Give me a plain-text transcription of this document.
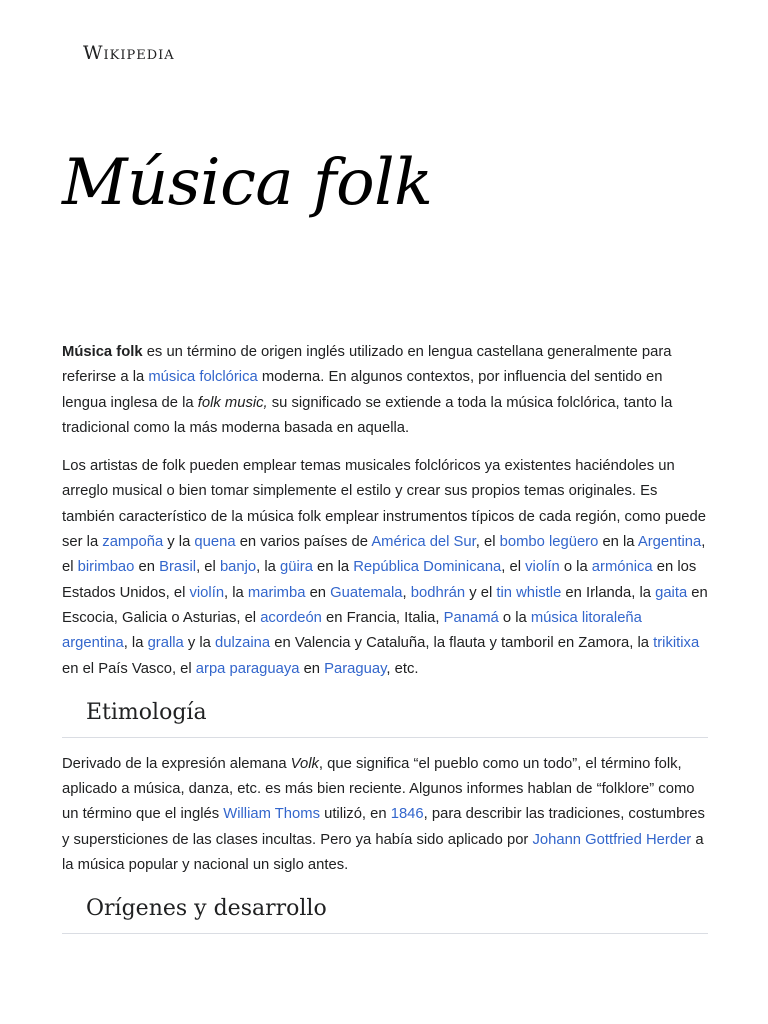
Wikipedia
Música folk

Música folk es un término de origen inglés utilizado en lengua castellana generalmente para referirse a la música folclórica moderna. En algunos contextos, por influencia del sentido en lengua inglesa de la folk music, su significado se extiende a toda la música folclórica, tanto la tradicional como la más moderna basada en aquella.

Los artistas de folk pueden emplear temas musicales folclóricos ya existentes haciéndoles un arreglo musical o bien tomar simplemente el estilo y crear sus propios temas originales. Es también característico de la música folk emplear instrumentos típicos de cada región, como puede ser la zampoña y la quena en varios países de América del Sur, el bombo legüero en la Argentina, el birimbao en Brasil, el banjo, la güira en la República Dominicana, el violín o la armónica en los Estados Unidos, el violín, la marimba en Guatemala, bodhrán y el tin whistle en Irlanda, la gaita en Escocia, Galicia o Asturias, el acordeón en Francia, Italia, Panamá o la música litoraleña argentina, la gralla y la dulzaina en Valencia y Cataluña, la flauta y tamboril en Zamora, la trikitixa en el País Vasco, el arpa paraguaya en Paraguay, etc.

Etimología

Derivado de la expresión alemana Volk, que significa “el pueblo como un todo”, el término folk, aplicado a música, danza, etc. es más bien reciente. Algunos informes hablan de “folklore” como un término que el inglés William Thoms utilizó, en 1846, para describir las tradiciones, costumbres y supersticiones de las clases incultas. Pero ya había sido aplicado por Johann Gottfried Herder a la música popular y nacional un siglo antes.

Orígenes y desarrollo
